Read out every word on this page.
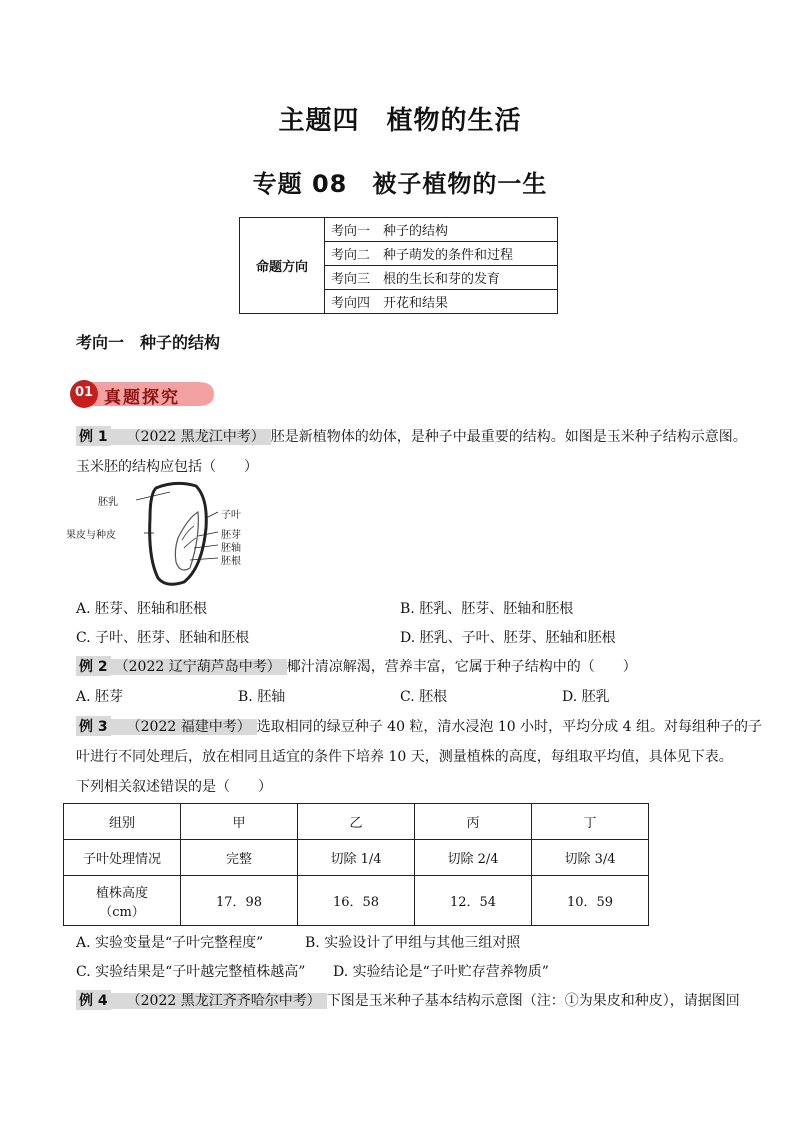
主题四　植物的生活
专题 08　被子植物的一生
命题方向	考向一　种子的结构
考向二　种子萌发的条件和过程
考向三　根的生长和芽的发育
考向四　开花和结果
考向一　种子的结构
01 真题探究
例 1 （2022 黑龙江中考） 胚是新植物体的幼体，是种子中最重要的结构。如图是玉米种子结构示意图。
玉米胚的结构应包括（　　）
胚乳
果皮与种皮
子叶
胚芽
胚轴
胚根
A. 胚芽、胚轴和胚根	B. 胚乳、胚芽、胚轴和胚根
C. 子叶、胚芽、胚轴和胚根	D. 胚乳、子叶、胚芽、胚轴和胚根
例 2 （2022 辽宁葫芦岛中考） 椰汁清凉解渴，营养丰富，它属于种子结构中的（　　）
A. 胚芽	B. 胚轴	C. 胚根	D. 胚乳
例 3 （2022 福建中考） 选取相同的绿豆种子 40 粒，清水浸泡 10 小时，平均分成 4 组。对每组种子的子
叶进行不同处理后，放在相同且适宜的条件下培养 10 天，测量植株的高度，每组取平均值，具体见下表。
下列相关叙述错误的是（　　）
组别	甲	乙	丙	丁
子叶处理情况	完整	切除 1/4	切除 2/4	切除 3/4

植株高度
（cm）	17．98	16．58	12．54	10．59
A. 实验变量是“子叶完整程度”	B. 实验设计了甲组与其他三组对照
C. 实验结果是“子叶越完整植株越高” D. 实验结论是“子叶贮存营养物质”
例 4 （2022 黑龙江齐齐哈尔中考） 下图是玉米种子基本结构示意图（注：①为果皮和种皮），请据图回
